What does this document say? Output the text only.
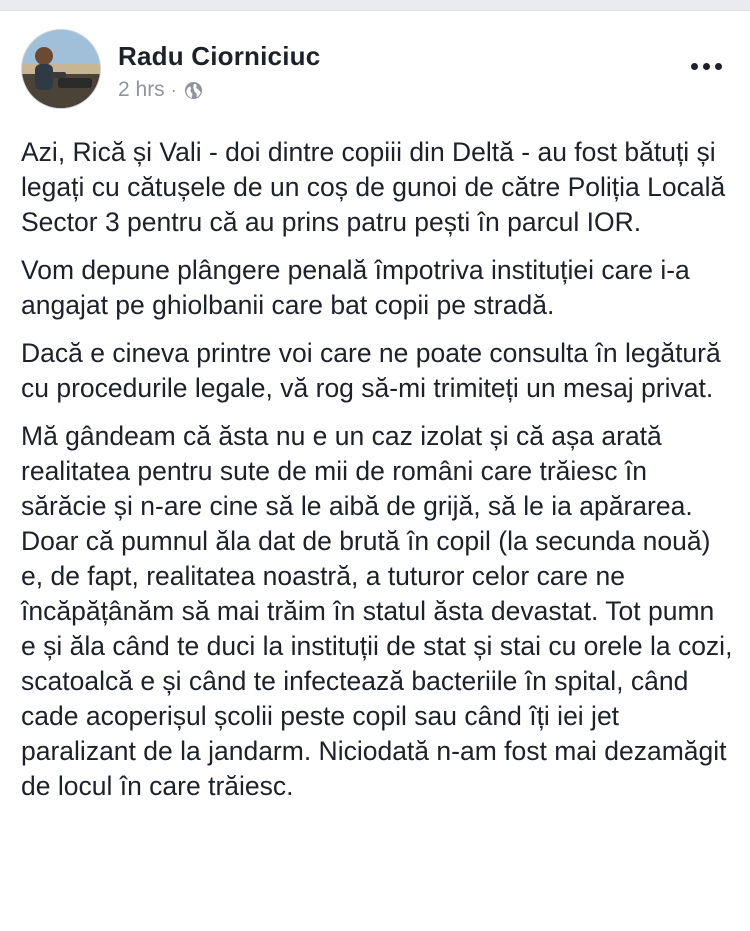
Radu Ciorniciuc
2 hrs ·

Azi, Rică și Vali - doi dintre copiii din Deltă - au fost bătuți și legați cu cătușele de un coș de gunoi de către Poliția Locală Sector 3 pentru că au prins patru pești în parcul IOR.

Vom depune plângere penală împotriva instituției care i-a angajat pe ghiolbanii care bat copii pe stradă.

Dacă e cineva printre voi care ne poate consulta în legătură cu procedurile legale, vă rog să-mi trimiteți un mesaj privat.

Mă gândeam că ăsta nu e un caz izolat și că așa arată realitatea pentru sute de mii de români care trăiesc în sărăcie și n-are cine să le aibă de grijă, să le ia apărarea. Doar că pumnul ăla dat de brută în copil (la secunda nouă) e, de fapt, realitatea noastră, a tuturor celor care ne încăpățânăm să mai trăim în statul ăsta devastat. Tot pumn e și ăla când te duci la instituții de stat și stai cu orele la cozi, scatoalcă e și când te infectează bacteriile în spital, când cade acoperișul școlii peste copil sau când îți iei jet paralizant de la jandarm. Niciodată n-am fost mai dezamăgit de locul în care trăiesc.
